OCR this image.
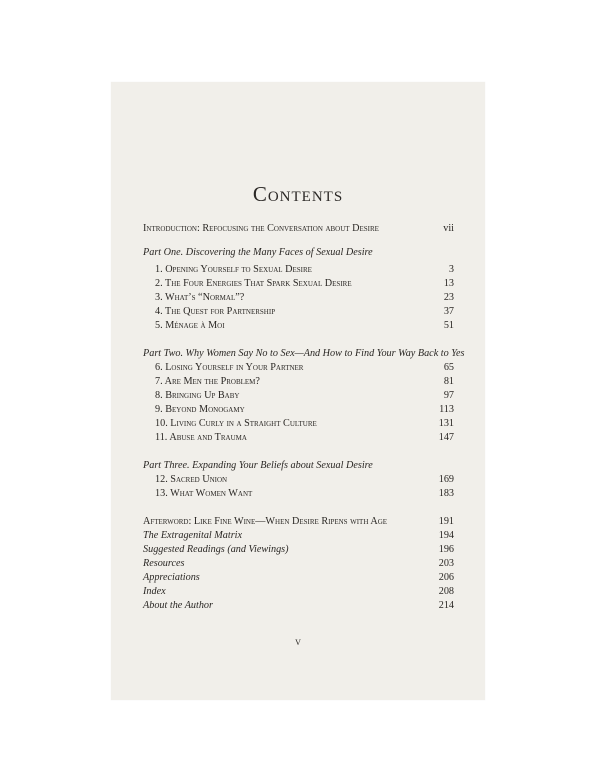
Contents
Introduction: Refocusing the Conversation about Desire	vii
Part One. Discovering the Many Faces of Sexual Desire
1. Opening Yourself to Sexual Desire	3
2. The Four Energies That Spark Sexual Desire	13
3. What’s “Normal”?	23
4. The Quest for Partnership	37
5. Ménage à Moi	51
Part Two. Why Women Say No to Sex—And How to Find Your Way Back to Yes
6. Losing Yourself in Your Partner	65
7. Are Men the Problem?	81
8. Bringing Up Baby	97
9. Beyond Monogamy	113
10. Living Curly in a Straight Culture	131
11. Abuse and Trauma	147
Part Three. Expanding Your Beliefs about Sexual Desire
12. Sacred Union	169
13. What Women Want	183
Afterword: Like Fine Wine—When Desire Ripens with Age	191
The Extragenital Matrix	194
Suggested Readings (and Viewings)	196
Resources	203
Appreciations	206
Index	208
About the Author	214
v
